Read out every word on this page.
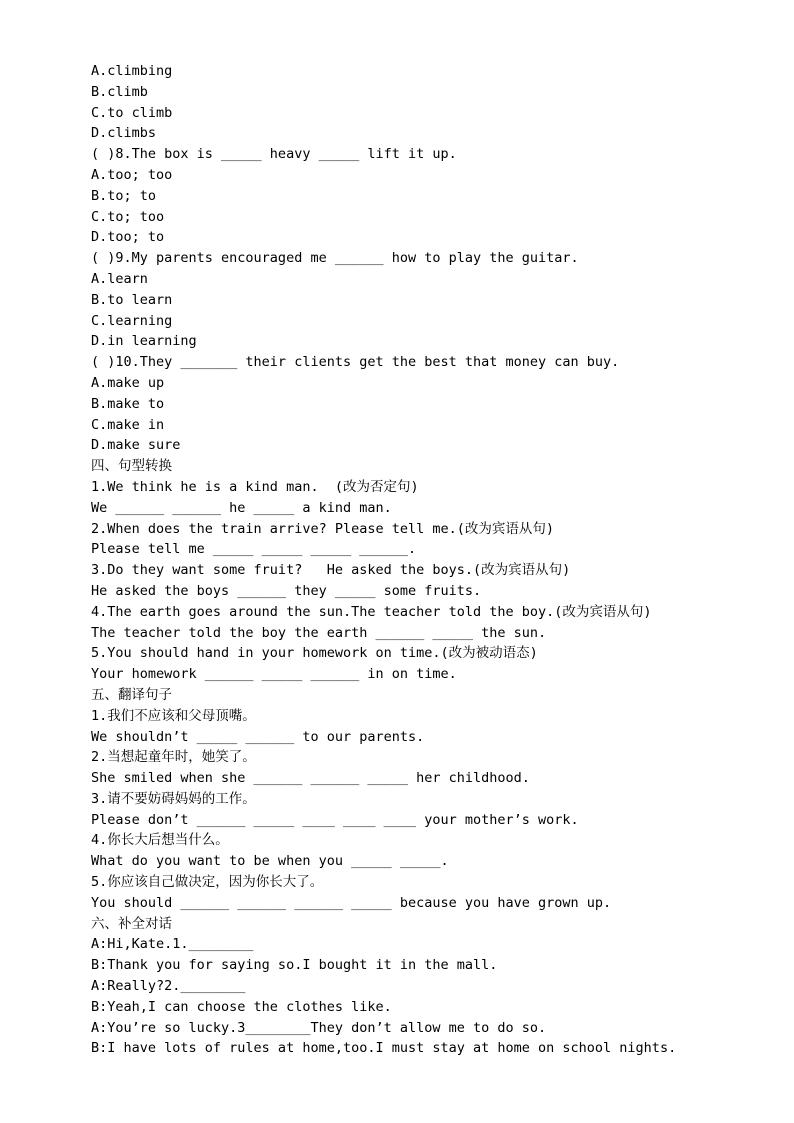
A.climbing
B.climb
C.to climb
D.climbs
( )8.The box is _____ heavy _____ lift it up.
A.too; too
B.to; to
C.to; too
D.too; to
( )9.My parents encouraged me ______ how to play the guitar.
A.learn
B.to learn
C.learning
D.in learning
( )10.They _______ their clients get the best that money can buy.
A.make up
B.make to
C.make in
D.make sure
四、句型转换
1.We think he is a kind man.  (改为否定句)
We ______ ______ he _____ a kind man.
2.When does the train arrive? Please tell me.(改为宾语从句)
Please tell me _____ _____ _____ ______.
3.Do they want some fruit?   He asked the boys.(改为宾语从句)
He asked the boys ______ they _____ some fruits.
4.The earth goes around the sun.The teacher told the boy.(改为宾语从句)
The teacher told the boy the earth ______ _____ the sun.
5.You should hand in your homework on time.(改为被动语态)
Your homework ______ _____ ______ in on time.
五、翻译句子
1.我们不应该和父母顶嘴。
We shouldn’t _____ ______ to our parents.
2.当想起童年时，她笑了。
She smiled when she ______ ______ _____ her childhood.
3.请不要妨碍妈妈的工作。
Please don’t ______ _____ ____ ____ ____ your mother’s work.
4.你长大后想当什么。
What do you want to be when you _____ _____.
5.你应该自己做决定，因为你长大了。
You should ______ ______ ______ _____ because you have grown up.
六、补全对话
A:Hi,Kate.1.________
B:Thank you for saying so.I bought it in the mall.
A:Really?2.________
B:Yeah,I can choose the clothes like.
A:You’re so lucky.3________They don’t allow me to do so.
B:I have lots of rules at home,too.I must stay at home on school nights.
